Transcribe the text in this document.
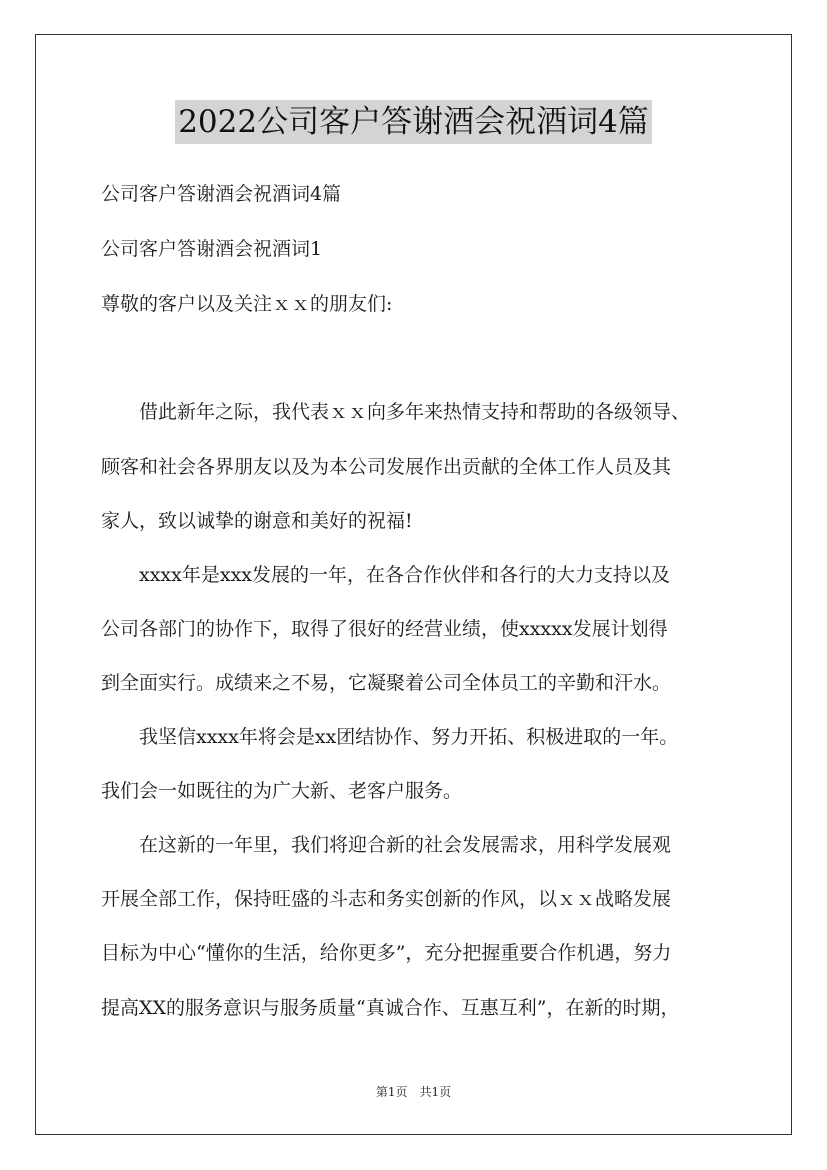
2022公司客户答谢酒会祝酒词4篇
公司客户答谢酒会祝酒词4篇
公司客户答谢酒会祝酒词1
尊敬的客户以及关注ｘｘ的朋友们:
　　借此新年之际，我代表ｘｘ向多年来热情支持和帮助的各级领导、
顾客和社会各界朋友以及为本公司发展作出贡献的全体工作人员及其
家人，致以诚挚的谢意和美好的祝福!
　　xxxx年是xxx发展的一年，在各合作伙伴和各行的大力支持以及
公司各部门的协作下，取得了很好的经营业绩，使xxxxx发展计划得
到全面实行。成绩来之不易，它凝聚着公司全体员工的辛勤和汗水。
　　我坚信xxxx年将会是xx团结协作、努力开拓、积极进取的一年。
我们会一如既往的为广大新、老客户服务。
　　在这新的一年里，我们将迎合新的社会发展需求，用科学发展观
开展全部工作，保持旺盛的斗志和务实创新的作风，以ｘｘ战略发展
目标为中心“懂你的生活，给你更多”，充分把握重要合作机遇，努力
提高XX的服务意识与服务质量“真诚合作、互惠互利”，在新的时期，
第1页　共1页
